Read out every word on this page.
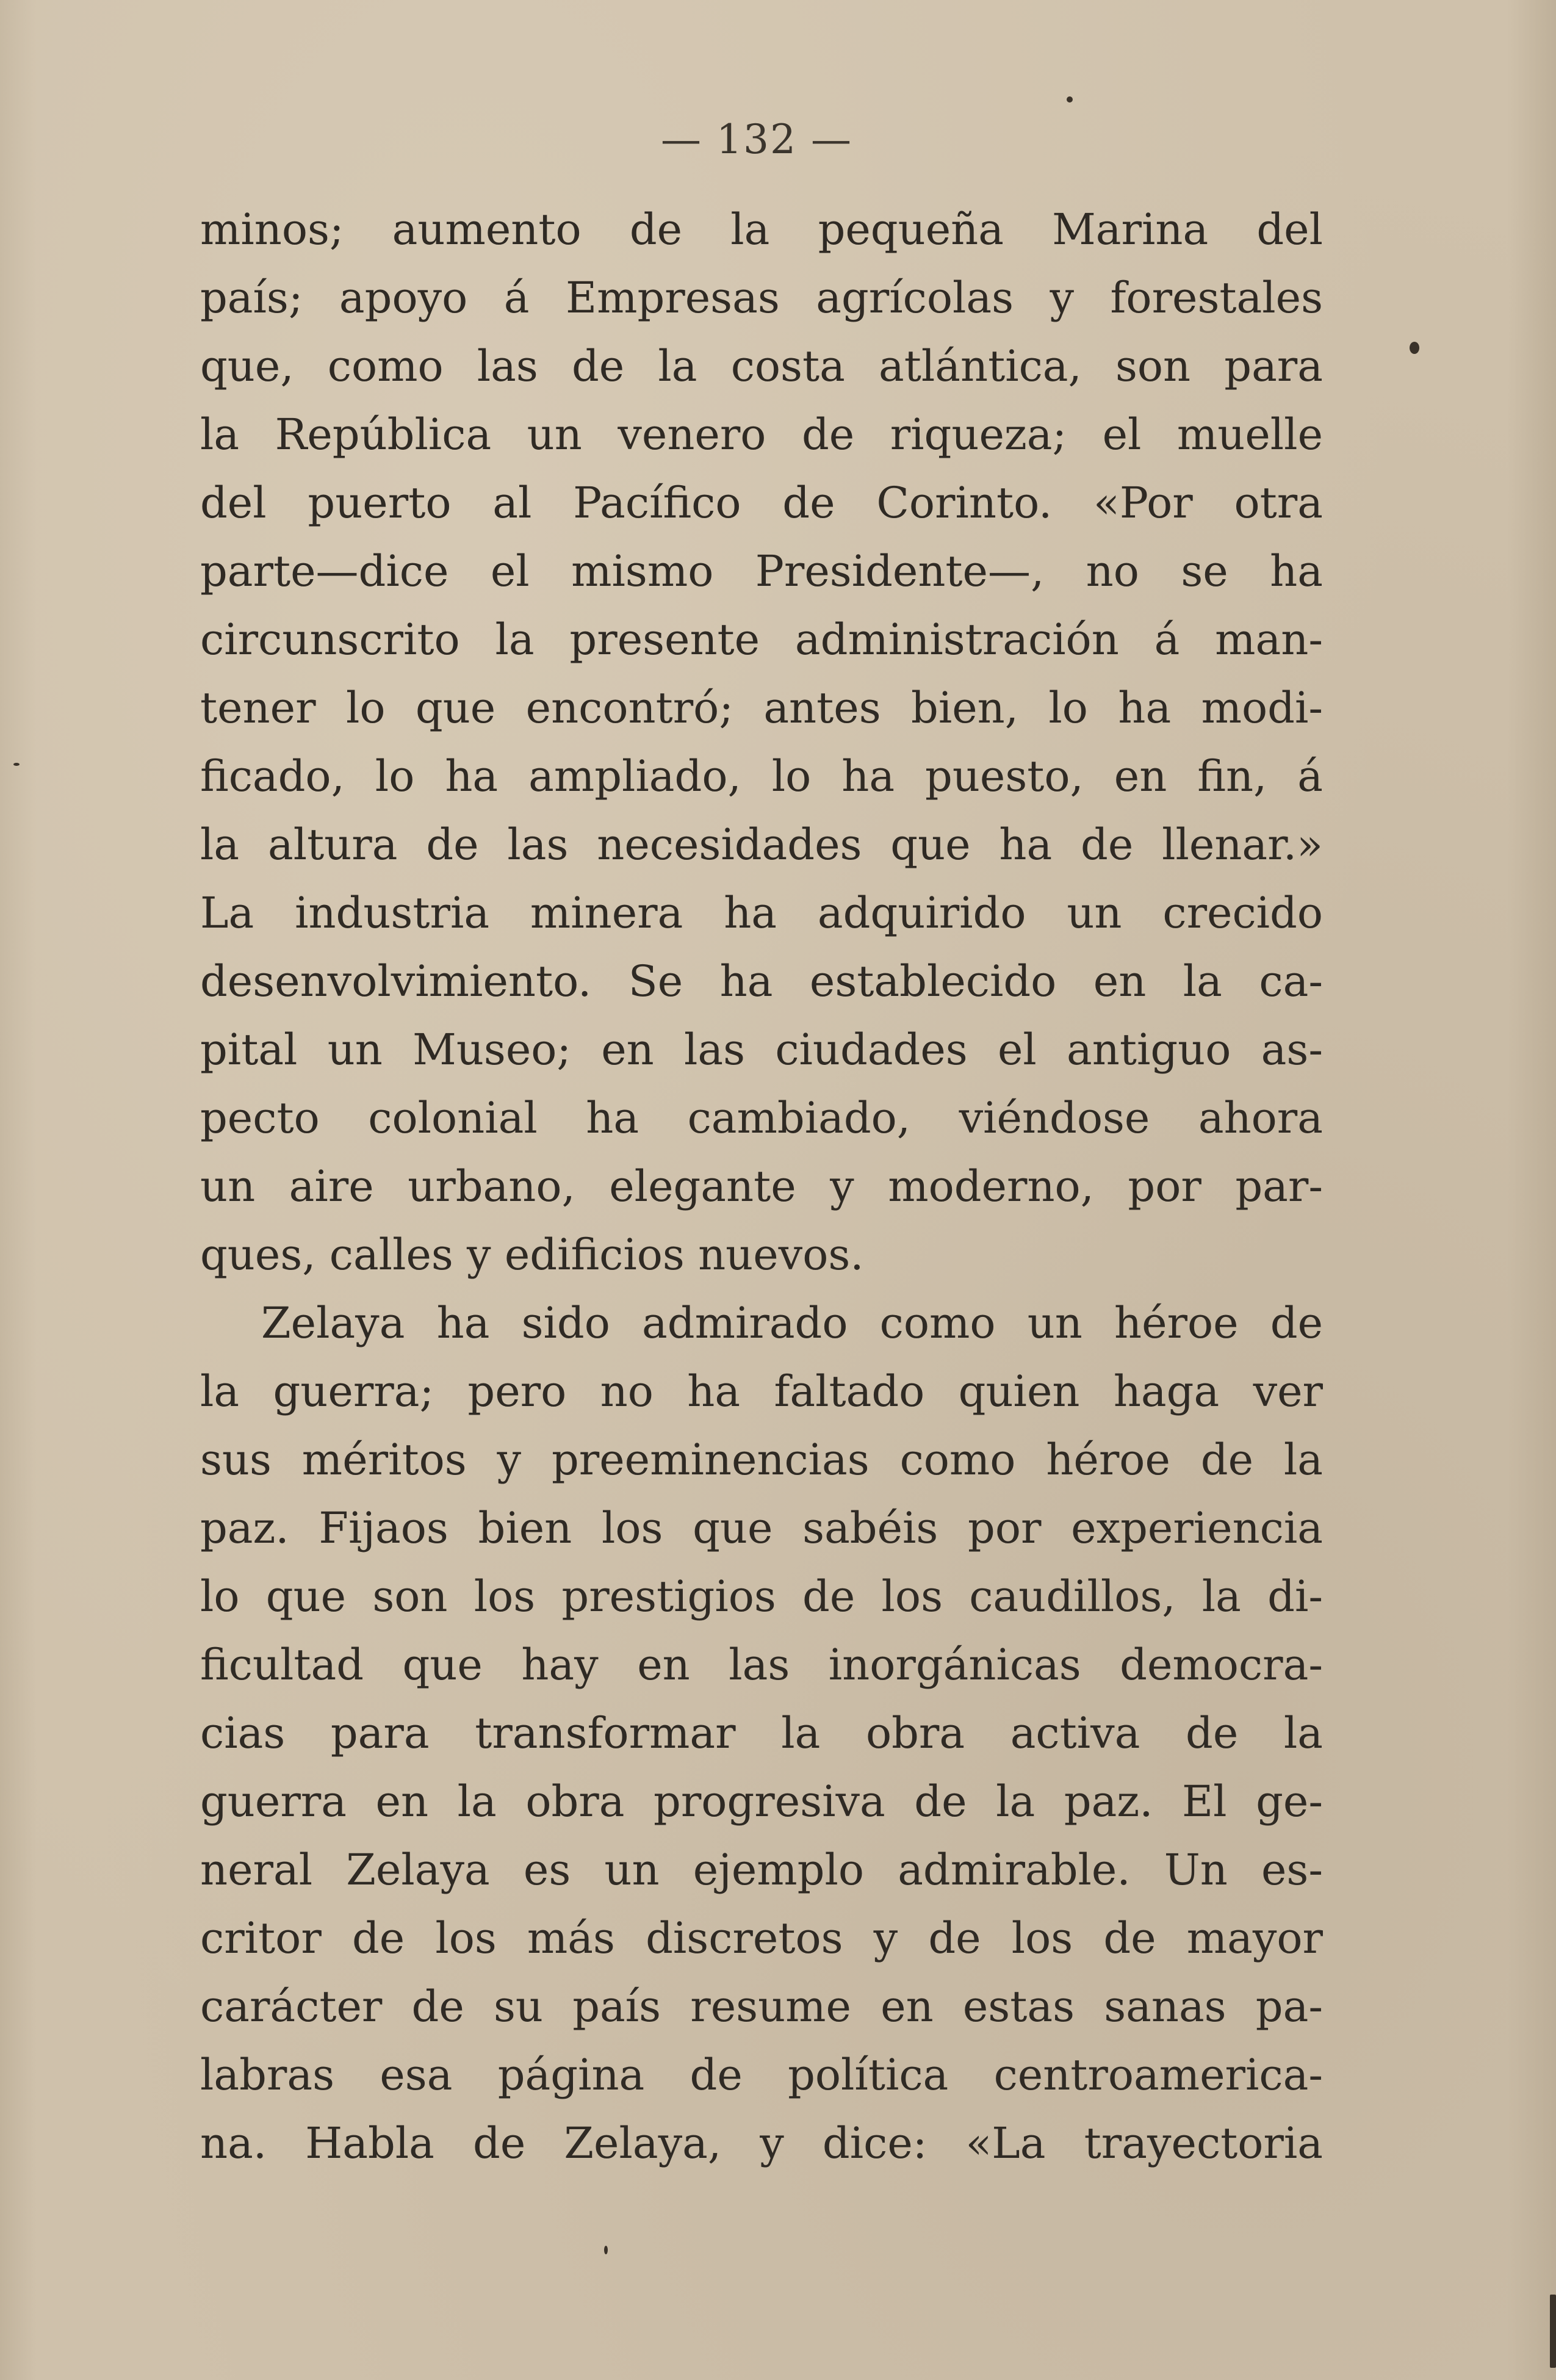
— 132 —
minos; aumento de la pequeña Marina del
país; apoyo á Empresas agrícolas y forestales
que, como las de la costa atlántica, son para
la República un venero de riqueza; el muelle
del puerto al Pacífico de Corinto. «Por otra
parte—dice el mismo Presidente—, no se ha
circunscrito la presente administración á man-
tener lo que encontró; antes bien, lo ha modi-
ficado, lo ha ampliado, lo ha puesto, en fin, á
la altura de las necesidades que ha de llenar.»
La industria minera ha adquirido un crecido
desenvolvimiento. Se ha establecido en la ca-
pital un Museo; en las ciudades el antiguo as-
pecto colonial ha cambiado, viéndose ahora
un aire urbano, elegante y moderno, por par-
ques, calles y edificios nuevos.
Zelaya ha sido admirado como un héroe de
la guerra; pero no ha faltado quien haga ver
sus méritos y preeminencias como héroe de la
paz. Fijaos bien los que sabéis por experiencia
lo que son los prestigios de los caudillos, la di-
ficultad que hay en las inorgánicas democra-
cias para transformar la obra activa de la
guerra en la obra progresiva de la paz. El ge-
neral Zelaya es un ejemplo admirable. Un es-
critor de los más discretos y de los de mayor
carácter de su país resume en estas sanas pa-
labras esa página de política centroamerica-
na. Habla de Zelaya, y dice: «La trayectoria
